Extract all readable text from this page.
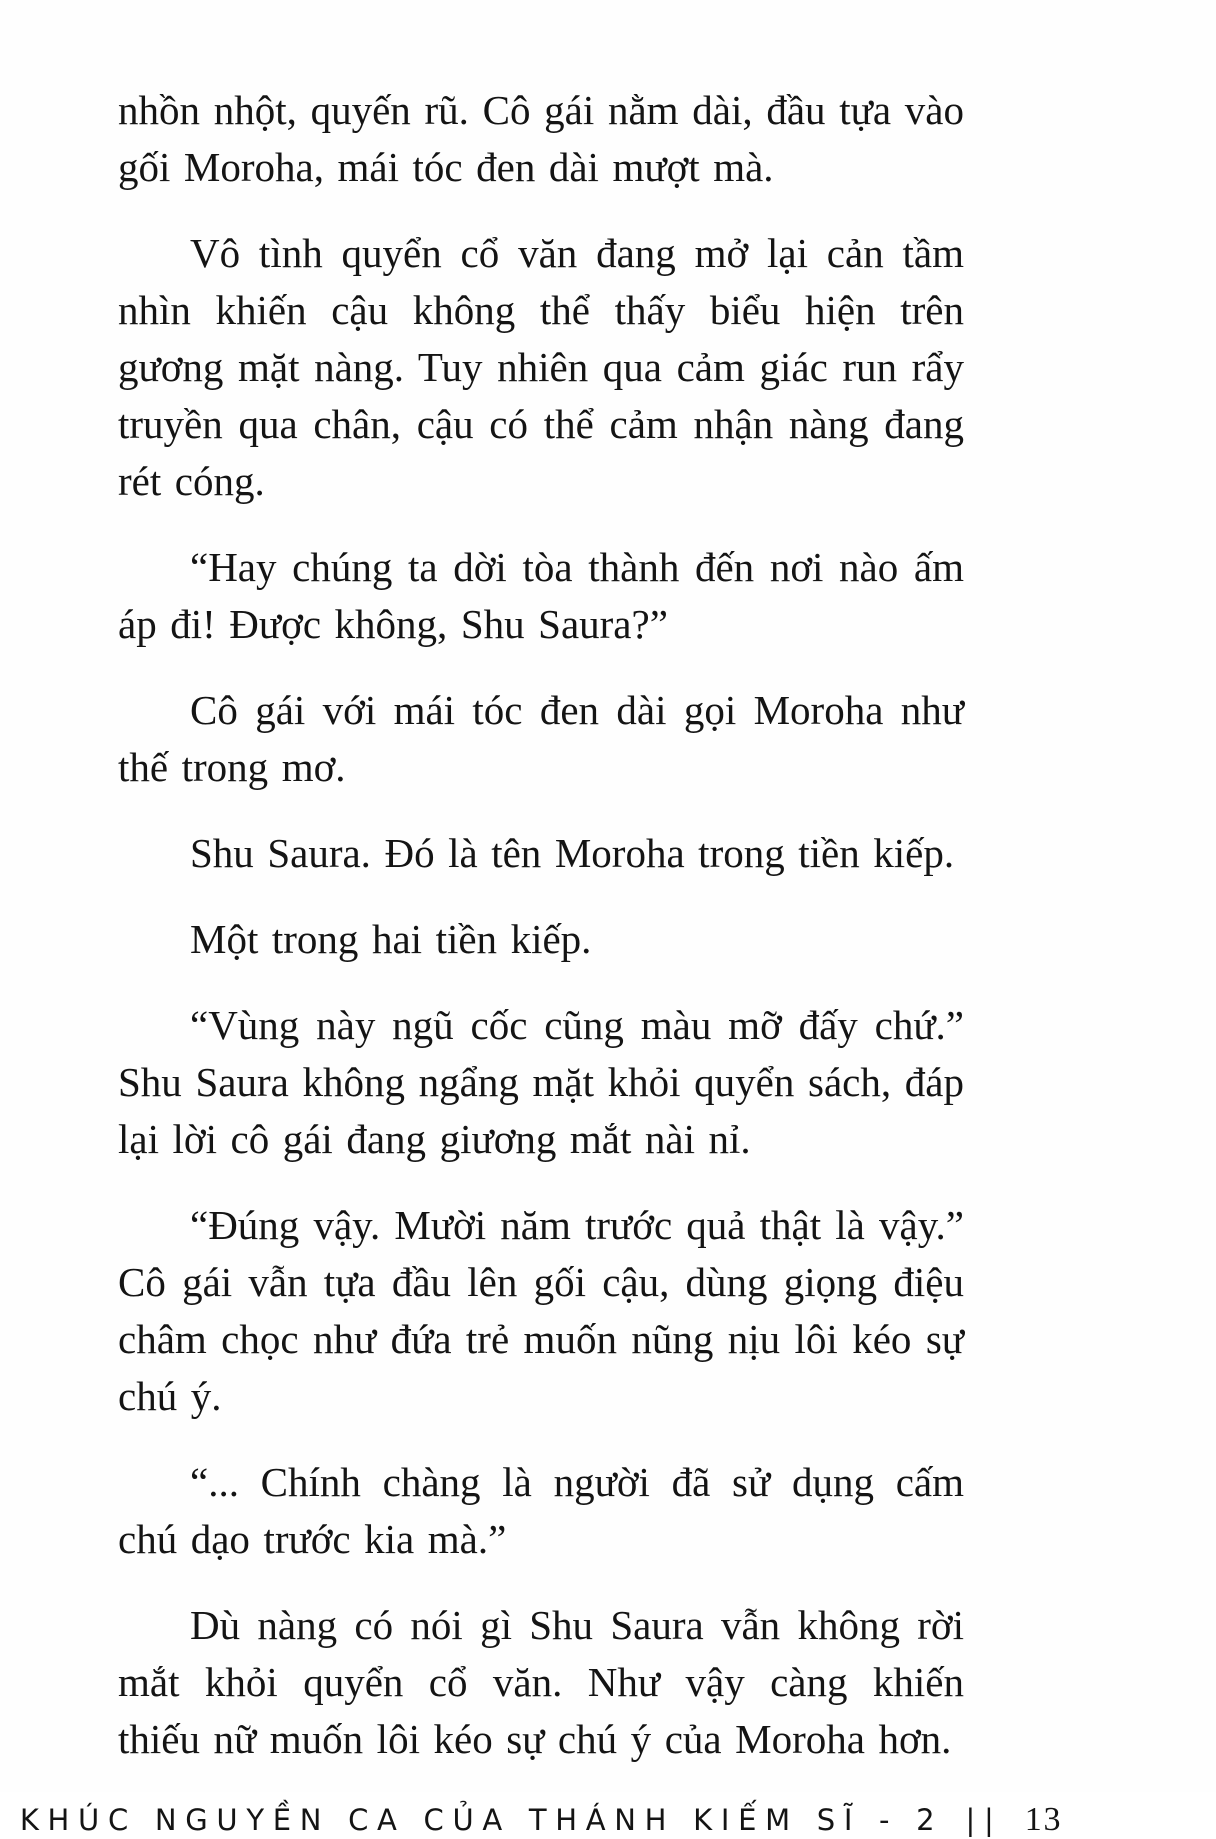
nhồn nhột, quyến rũ. Cô gái nằm dài, đầu tựa vào gối Moroha, mái tóc đen dài mượt mà.

Vô tình quyển cổ văn đang mở lại cản tầm nhìn khiến cậu không thể thấy biểu hiện trên gương mặt nàng. Tuy nhiên qua cảm giác run rẩy truyền qua chân, cậu có thể cảm nhận nàng đang rét cóng.

“Hay chúng ta dời tòa thành đến nơi nào ấm áp đi! Được không, Shu Saura?”

Cô gái với mái tóc đen dài gọi Moroha như thế trong mơ.

Shu Saura. Đó là tên Moroha trong tiền kiếp.

Một trong hai tiền kiếp.

“Vùng này ngũ cốc cũng màu mỡ đấy chứ.” Shu Saura không ngẩng mặt khỏi quyển sách, đáp lại lời cô gái đang giương mắt nài nỉ.

“Đúng vậy. Mười năm trước quả thật là vậy.” Cô gái vẫn tựa đầu lên gối cậu, dùng giọng điệu châm chọc như đứa trẻ muốn nũng nịu lôi kéo sự chú ý.

“... Chính chàng là người đã sử dụng cấm chú dạo trước kia mà.”

Dù nàng có nói gì Shu Saura vẫn không rời mắt khỏi quyển cổ văn. Như vậy càng khiến thiếu nữ muốn lôi kéo sự chú ý của Moroha hơn.

KHÚC NGUYỀN CA CỦA THÁNH KIẾM SĨ - 2 || 13
